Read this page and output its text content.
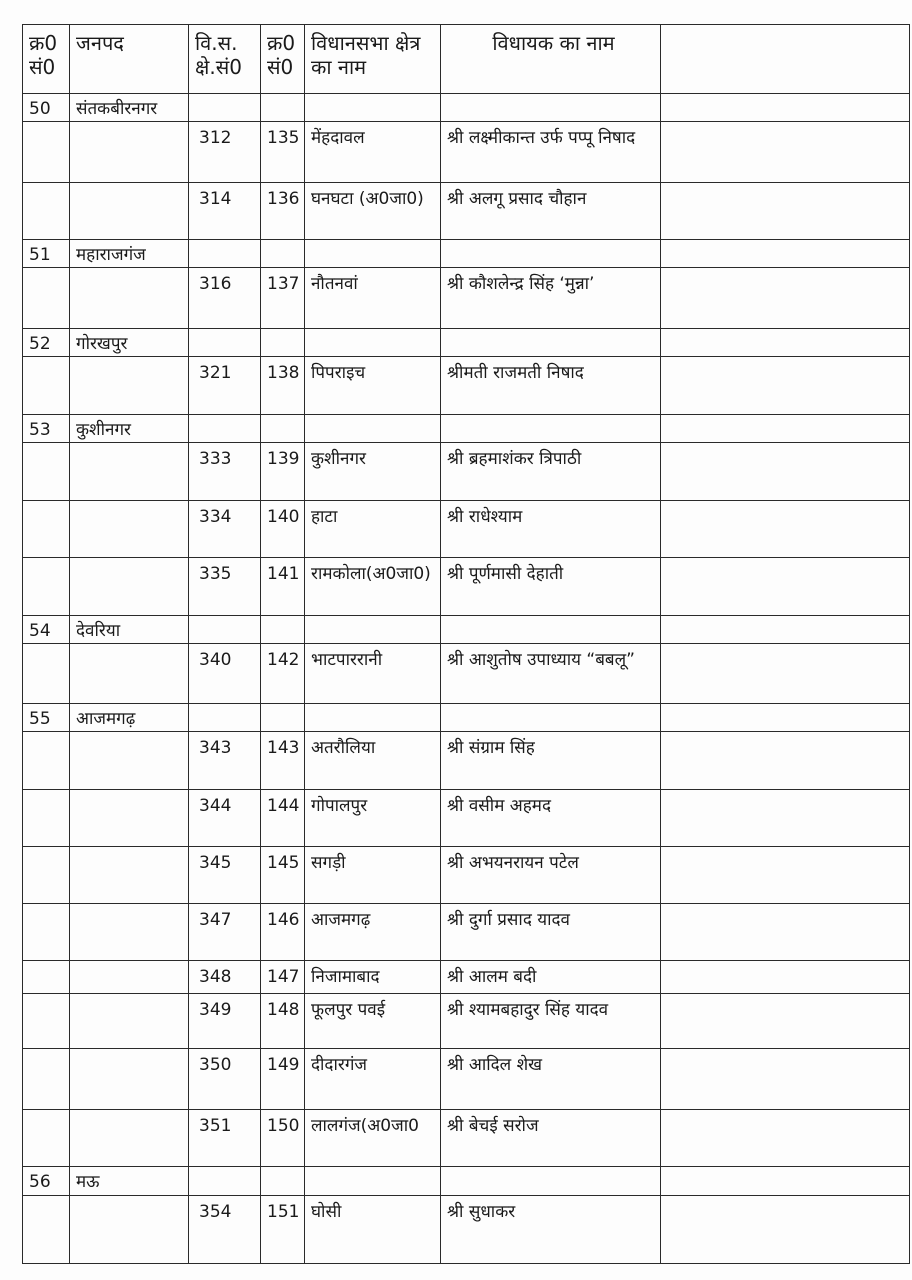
क्र0 सं0	जनपद	वि.स. क्षे.सं0	क्र0 सं0	विधानसभा क्षेत्र का नाम	विधायक का नाम	

50	संतकबीरनगर					

		312	135	मेंहदावल	श्री लक्ष्मीकान्त उर्फ पप्पू निषाद	

		314	136	घनघटा (अ0जा0)	श्री अलगू प्रसाद चौहान	

51	महाराजगंज					

		316	137	नौतनवां	श्री कौशलेन्द्र सिंह ‘मुन्ना’	

52	गोरखपुर					

		321	138	पिपराइच	श्रीमती राजमती निषाद	

53	कुशीनगर					

		333	139	कुशीनगर	श्री ब्रहमाशंकर त्रिपाठी	

		334	140	हाटा	श्री राधेश्याम	

		335	141	रामकोला(अ0जा0)	श्री पूर्णमासी देहाती	

54	देवरिया					

		340	142	भाटपाररानी	श्री आशुतोष उपाध्याय “बबलू”	

55	आजमगढ़					

		343	143	अतरौलिया	श्री संग्राम सिंह	

		344	144	गोपालपुर	श्री वसीम अहमद	

		345	145	सगड़ी	श्री अभयनरायन पटेल	

		347	146	आजमगढ़	श्री दुर्गा प्रसाद यादव	

		348	147	निजामाबाद	श्री आलम बदी	

		349	148	फूलपुर पवई	श्री श्यामबहादुर सिंह यादव	

		350	149	दीदारगंज	श्री आदिल शेख	

		351	150	लालगंज(अ0जा0	श्री बेचई सरोज	

56	मऊ					

		354	151	घोसी	श्री सुधाकर	
